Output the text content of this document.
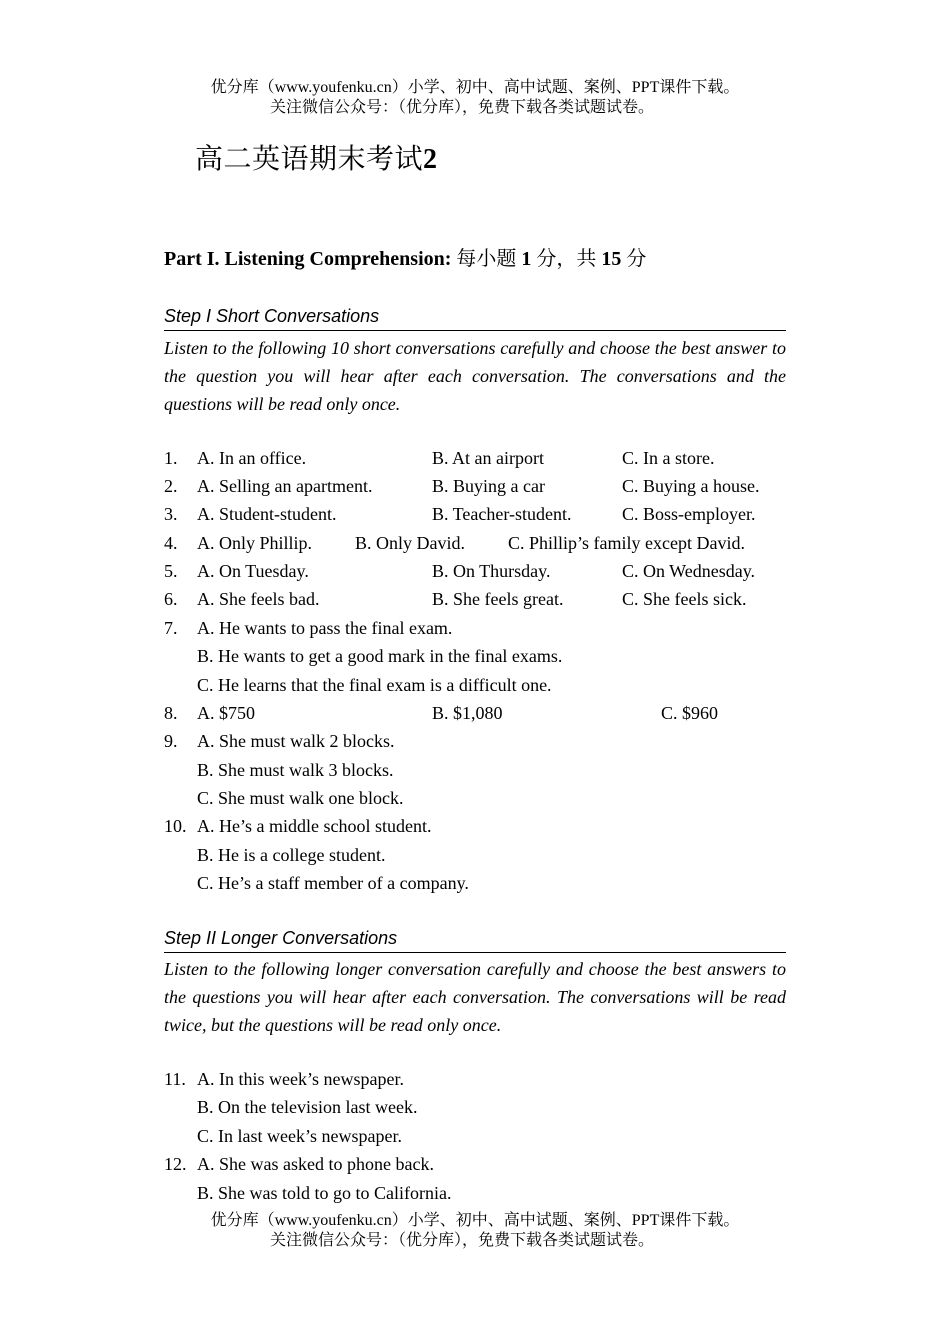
优分库（www.youfenku.cn）小学、初中、高中试题、案例、PPT课件下载。
关注微信公众号：（优分库），免费下载各类试题试卷。
高二英语期末考试2
Part I. Listening Comprehension: 每小题 1 分，共 15 分
Step I Short Conversations
Listen to the following 10 short conversations carefully and choose the best answer to the question you will hear after each conversation. The conversations and the questions will be read only once.
1. A. In an office.	B. At an airport	C. In a store.
2. A. Selling an apartment.	B. Buying a car	C. Buying a house.
3. A. Student-student.	B. Teacher-student.	C. Boss-employer.
4. A. Only Phillip. B. Only David. C. Phillip’s family except David.
5. A. On Tuesday.	B. On Thursday.	C. On Wednesday.
6. A. She feels bad.	B. She feels great.	C. She feels sick.
7. A. He wants to pass the final exam.
B. He wants to get a good mark in the final exams.
C. He learns that the final exam is a difficult one.
8. A. $750	B. $1,080	C. $960
9. A. She must walk 2 blocks.
B. She must walk 3 blocks.
C. She must walk one block.
10. A. He’s a middle school student.
B. He is a college student.
C. He’s a staff member of a company.
Step II Longer Conversations
Listen to the following longer conversation carefully and choose the best answers to the questions you will hear after each conversation. The conversations will be read twice, but the questions will be read only once.
11. A. In this week’s newspaper.
B. On the television last week.
C. In last week’s newspaper.
12. A. She was asked to phone back.
B. She was told to go to California.
优分库（www.youfenku.cn）小学、初中、高中试题、案例、PPT课件下载。
关注微信公众号：（优分库），免费下载各类试题试卷。
